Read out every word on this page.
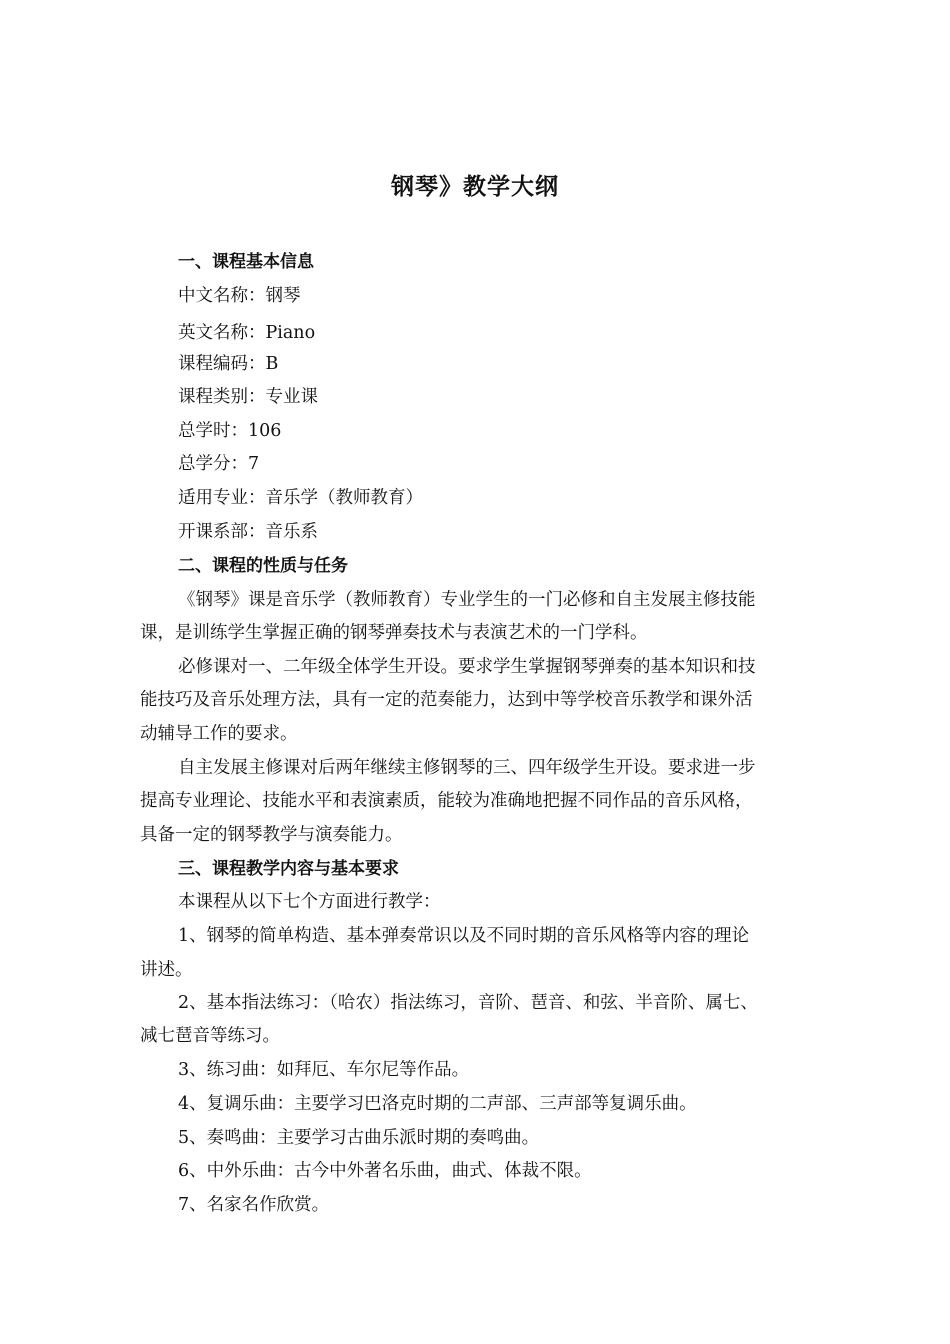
钢琴》教学大纲
一、课程基本信息
中文名称：钢琴
英文名称：Piano
课程编码：B
课程类别：专业课
总学时：106
总学分：7
适用专业：音乐学（教师教育）
开课系部：音乐系
二、课程的性质与任务
《钢琴》课是音乐学（教师教育）专业学生的一门必修和自主发展主修技能
课，是训练学生掌握正确的钢琴弹奏技术与表演艺术的一门学科。
必修课对一、二年级全体学生开设。要求学生掌握钢琴弹奏的基本知识和技
能技巧及音乐处理方法，具有一定的范奏能力，达到中等学校音乐教学和课外活
动辅导工作的要求。
自主发展主修课对后两年继续主修钢琴的三、四年级学生开设。要求进一步
提高专业理论、技能水平和表演素质，能较为准确地把握不同作品的音乐风格，
具备一定的钢琴教学与演奏能力。
三、课程教学内容与基本要求
本课程从以下七个方面进行教学：
1、钢琴的简单构造、基本弹奏常识以及不同时期的音乐风格等内容的理论
讲述。
2、基本指法练习：（哈农）指法练习，音阶、琶音、和弦、半音阶、属七、
减七琶音等练习。
3、练习曲：如拜厄、车尔尼等作品。
4、复调乐曲：主要学习巴洛克时期的二声部、三声部等复调乐曲。
5、奏鸣曲：主要学习古曲乐派时期的奏鸣曲。
6、中外乐曲：古今中外著名乐曲，曲式、体裁不限。
7、名家名作欣赏。
